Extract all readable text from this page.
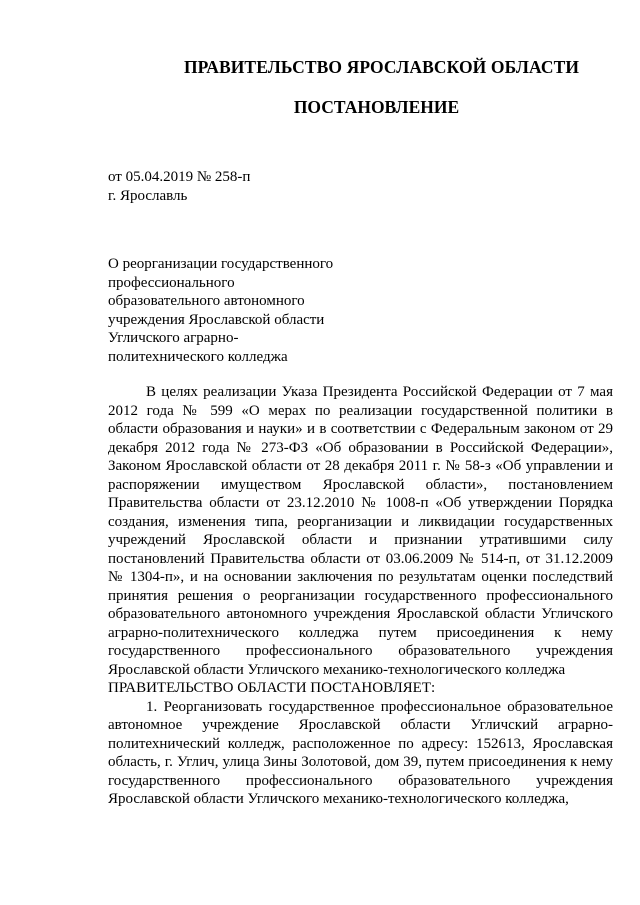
ПРАВИТЕЛЬСТВО ЯРОСЛАВСКОЙ ОБЛАСТИ
ПОСТАНОВЛЕНИЕ
от 05.04.2019 № 258-п
г. Ярославль
О реорганизации государственного
профессионального
образовательного автономного
учреждения Ярославской области
Угличского аграрно-
политехнического колледжа

В целях реализации Указа Президента Российской Федерации от 7 мая 2012 года № 599 «О мерах по реализации государственной политики в области образования и науки» и в соответствии с Федеральным законом от 29 декабря 2012 года № 273-ФЗ «Об образовании в Российской Федерации», Законом Ярославской области от 28 декабря 2011 г. № 58-з «Об управлении и распоряжении имуществом Ярославской области», постановлением Правительства области от 23.12.2010 № 1008-п «Об утверждении Порядка создания, изменения типа, реорганизации и ликвидации государственных учреждений Ярославской области и признании утратившими силу постановлений Правительства области от 03.06.2009 № 514-п, от 31.12.2009 № 1304-п», и на основании заключения по результатам оценки последствий принятия решения о реорганизации государственного профессионального образовательного автономного учреждения Ярославской области Угличского аграрно-политехнического колледжа путем присоединения к нему государственного профессионального образовательного учреждения Ярославской области Угличского механико-технологического колледжа

ПРАВИТЕЛЬСТВО ОБЛАСТИ ПОСТАНОВЛЯЕТ:

1. Реорганизовать государственное профессиональное образовательное автономное учреждение Ярославской области Угличский аграрно-политехнический колледж, расположенное по адресу: 152613, Ярославская область, г. Углич, улица Зины Золотовой, дом 39, путем присоединения к нему государственного профессионального образовательного учреждения Ярославской области Угличского механико-технологического колледжа,
